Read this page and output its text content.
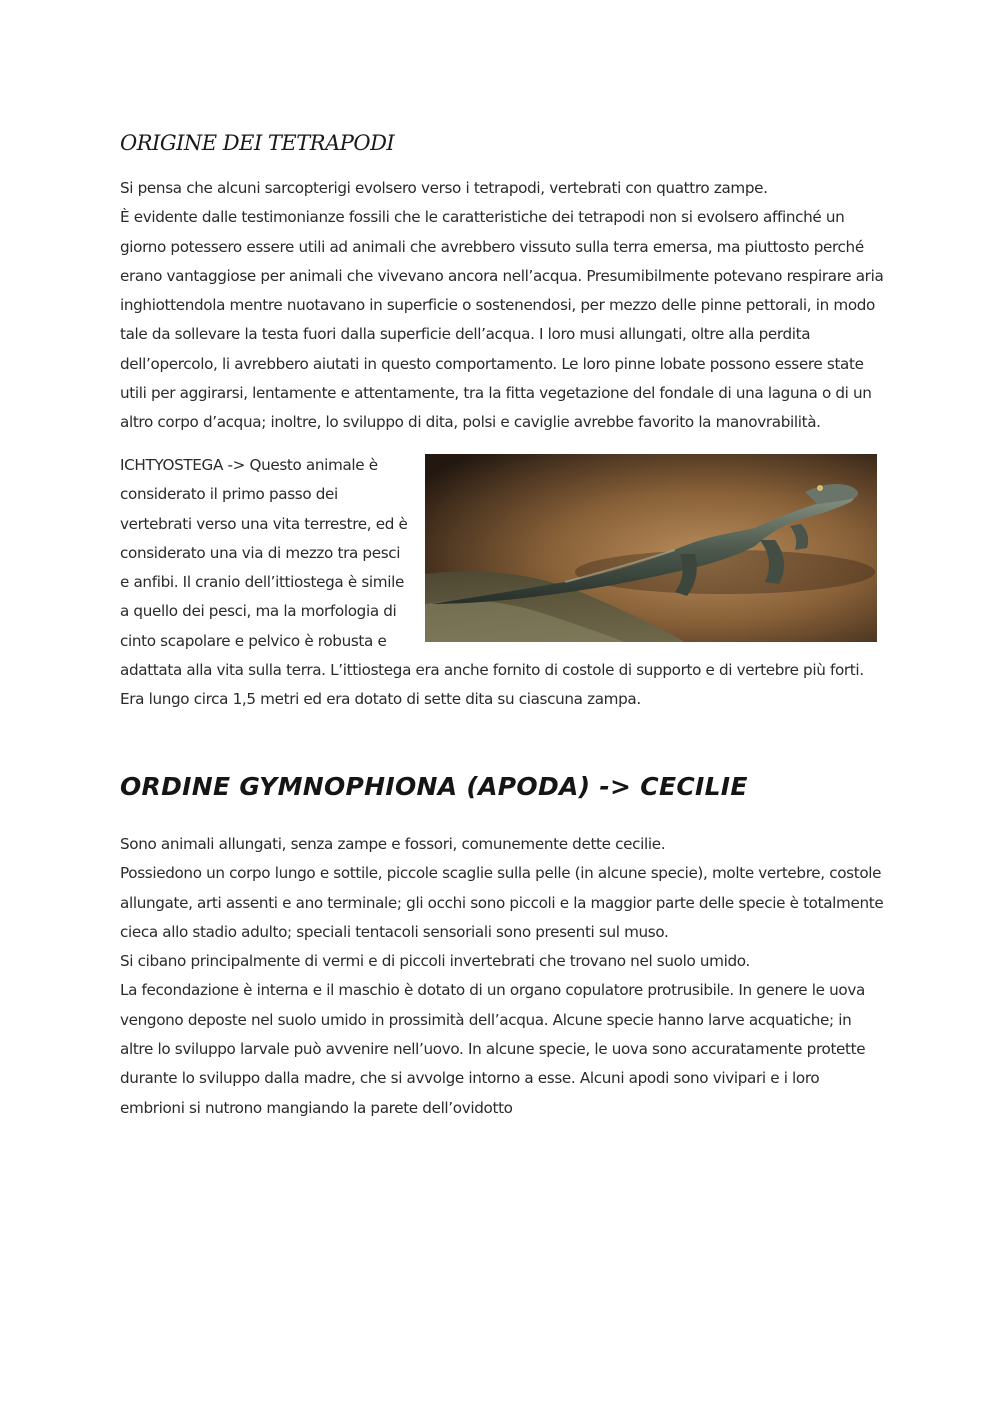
ORIGINE DEI TETRAPODI
Si pensa che alcuni sarcopterigi evolsero verso i tetrapodi, vertebrati con quattro zampe.
È evidente dalle testimonianze fossili che le caratteristiche dei tetrapodi non si evolsero affinché un giorno potessero essere utili ad animali che avrebbero vissuto sulla terra emersa, ma piuttosto perché erano vantaggiose per animali che vivevano ancora nell’acqua. Presumibilmente potevano respirare aria inghiottendola mentre nuotavano in superficie o sostenendosi, per mezzo delle pinne pettorali, in modo tale da sollevare la testa fuori dalla superficie dell’acqua. I loro musi allungati, oltre alla perdita dell’opercolo, li avrebbero aiutati in questo comportamento. Le loro pinne lobate possono essere state utili per aggirarsi, lentamente e attentamente, tra la fitta vegetazione del fondale di una laguna o di un altro corpo d’acqua; inoltre, lo sviluppo di dita, polsi e caviglie avrebbe favorito la manovrabilità.

ICHTYOSTEGA -> Questo animale è considerato il primo passo dei vertebrati verso una vita terrestre, ed è considerato una via di mezzo tra pesci e anfibi. Il cranio dell’ittiostega è simile a quello dei pesci, ma la morfologia di cinto scapolare e pelvico è robusta e adattata alla vita sulla terra. L’ittiostega era anche fornito di costole di supporto e di vertebre più forti. Era lungo circa 1,5 metri ed era dotato di sette dita su ciascuna zampa.

ORDINE GYMNOPHIONA (APODA) -> CECILIE
Sono animali allungati, senza zampe e fossori, comunemente dette cecilie.
Possiedono un corpo lungo e sottile, piccole scaglie sulla pelle (in alcune specie), molte vertebre, costole allungate, arti assenti e ano terminale; gli occhi sono piccoli e la maggior parte delle specie è totalmente cieca allo stadio adulto; speciali tentacoli sensoriali sono presenti sul muso.
Si cibano principalmente di vermi e di piccoli invertebrati che trovano nel suolo umido.
La fecondazione è interna e il maschio è dotato di un organo copulatore protrusibile. In genere le uova vengono deposte nel suolo umido in prossimità dell’acqua. Alcune specie hanno larve acquatiche; in altre lo sviluppo larvale può avvenire nell’uovo. In alcune specie, le uova sono accuratamente protette durante lo sviluppo dalla madre, che si avvolge intorno a esse. Alcuni apodi sono vivipari e i loro embrioni si nutrono mangiando la parete dell’ovidotto
